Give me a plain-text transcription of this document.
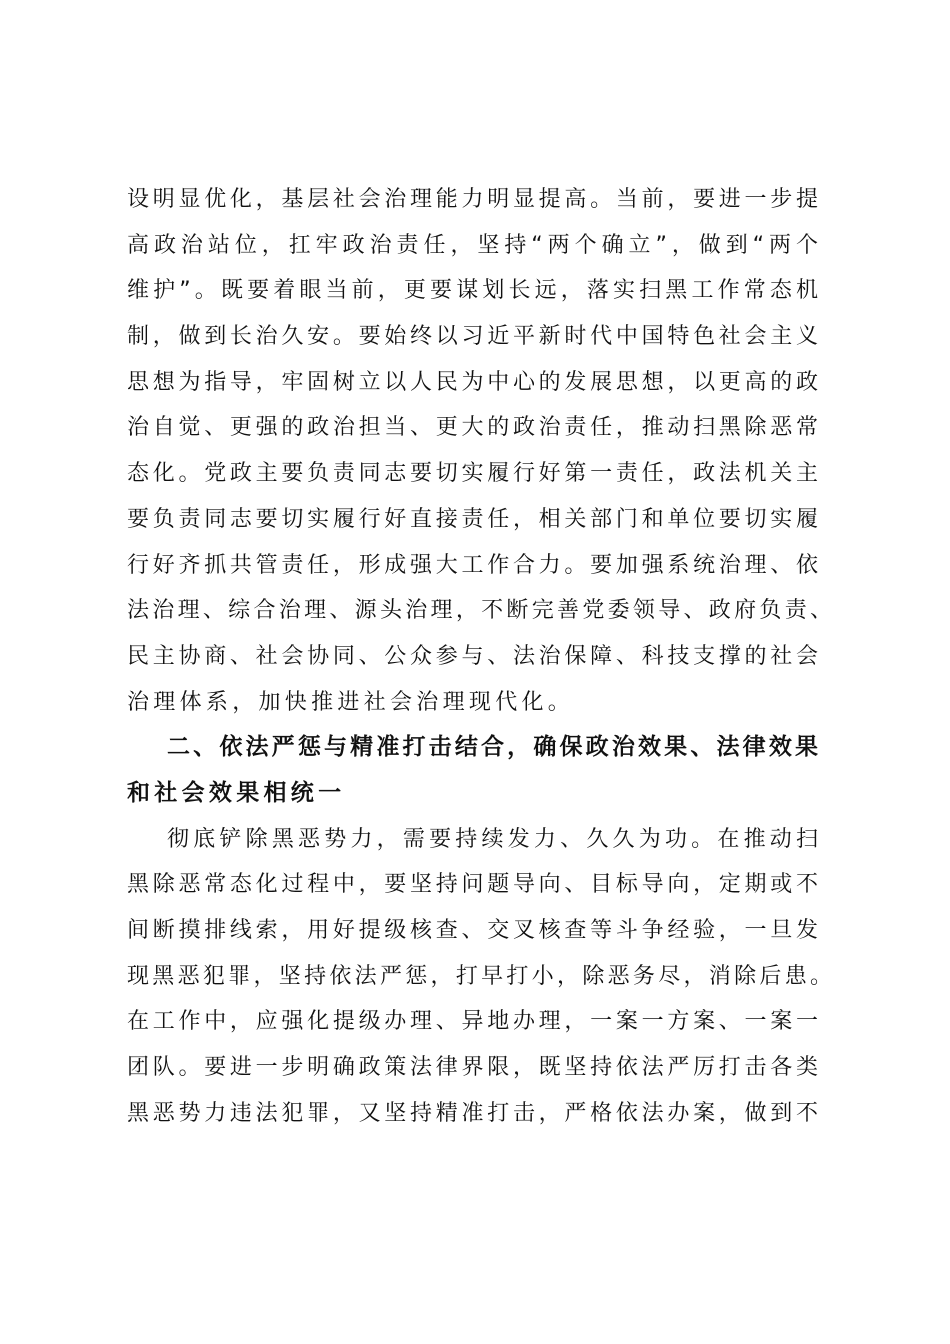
设明显优化，基层社会治理能力明显提高。当前，要进一步提
高政治站位，扛牢政治责任，坚持“两个确立”，做到“两个
维护”。既要着眼当前，更要谋划长远，落实扫黑工作常态机
制，做到长治久安。要始终以习近平新时代中国特色社会主义
思想为指导，牢固树立以人民为中心的发展思想，以更高的政
治自觉、更强的政治担当、更大的政治责任，推动扫黑除恶常
态化。党政主要负责同志要切实履行好第一责任，政法机关主
要负责同志要切实履行好直接责任，相关部门和单位要切实履
行好齐抓共管责任，形成强大工作合力。要加强系统治理、依
法治理、综合治理、源头治理，不断完善党委领导、政府负责、
民主协商、社会协同、公众参与、法治保障、科技支撑的社会
治理体系，加快推进社会治理现代化。
二、依法严惩与精准打击结合，确保政治效果、法律效果
和社会效果相统一
彻底铲除黑恶势力，需要持续发力、久久为功。在推动扫
黑除恶常态化过程中，要坚持问题导向、目标导向，定期或不
间断摸排线索，用好提级核查、交叉核查等斗争经验，一旦发
现黑恶犯罪，坚持依法严惩，打早打小，除恶务尽，消除后患。
在工作中，应强化提级办理、异地办理，一案一方案、一案一
团队。要进一步明确政策法律界限，既坚持依法严厉打击各类
黑恶势力违法犯罪，又坚持精准打击，严格依法办案，做到不
